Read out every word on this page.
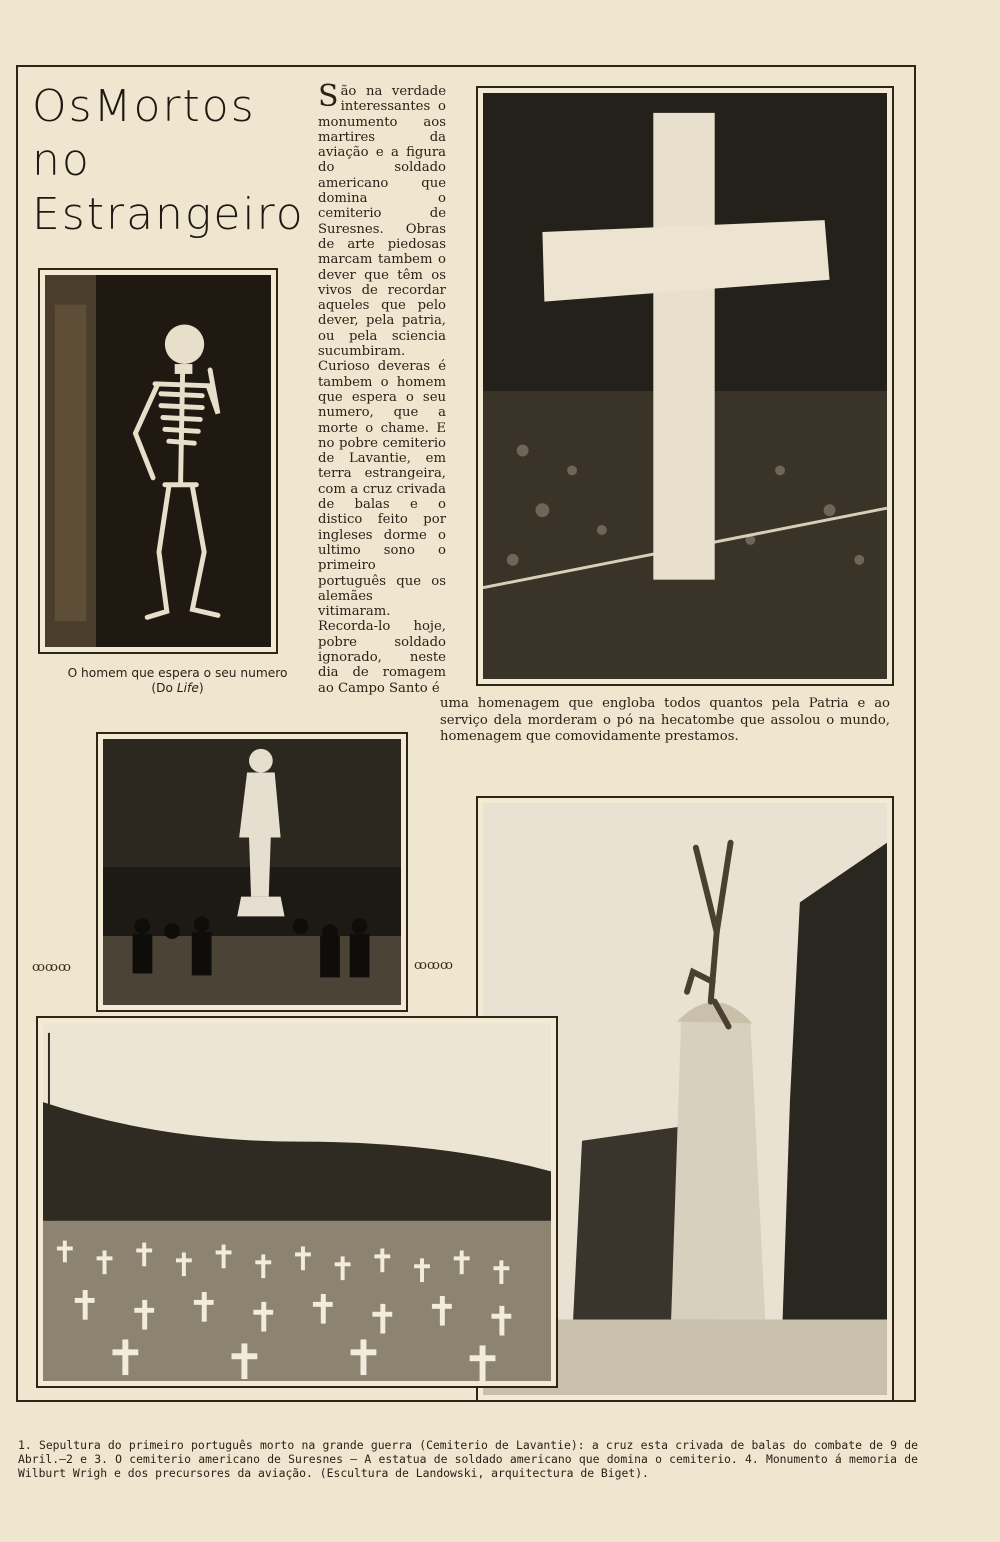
OsMortos
no
Estrangeiro
O homem que espera o seu numero
(Do Life)
São na verdade interessantes o monumento aos martires da aviação e a figura do soldado americano que domina o cemiterio de Suresnes. Obras de arte piedosas marcam tambem o dever que têm os vivos de recordar aqueles que pelo dever, pela patria, ou pela sciencia sucumbiram. Curioso deveras é tambem o homem que espera o seu numero, que a morte o chame. E no pobre cemiterio de Lavantie, em terra estrangeira, com a cruz crivada de balas e o distico feito por ingleses dorme o ultimo sono o primeiro português que os alemães vitimaram. Recorda-lo hoje, pobre soldado ignorado, neste dia de romagem ao Campo Santo é
uma homenagem que engloba todos quantos pela Patria e ao serviço dela morderam o pó na hecatombe que assolou o mundo, homenagem que comovidamente prestamos.
ꝏꝏꝏ	ꝏꝏꝏ
1. Sepultura do primeiro português morto na grande guerra (Cemiterio de Lavantie): a cruz esta crivada de balas do combate de 9 de Abril.—2 e 3. O cemiterio americano de Suresnes — A estatua de soldado americano que domina o cemiterio. 4. Monumento á memoria de Wilburt Wrigh e dos precursores da aviação. (Escultura de Landowski, arquitectura de Biget).
